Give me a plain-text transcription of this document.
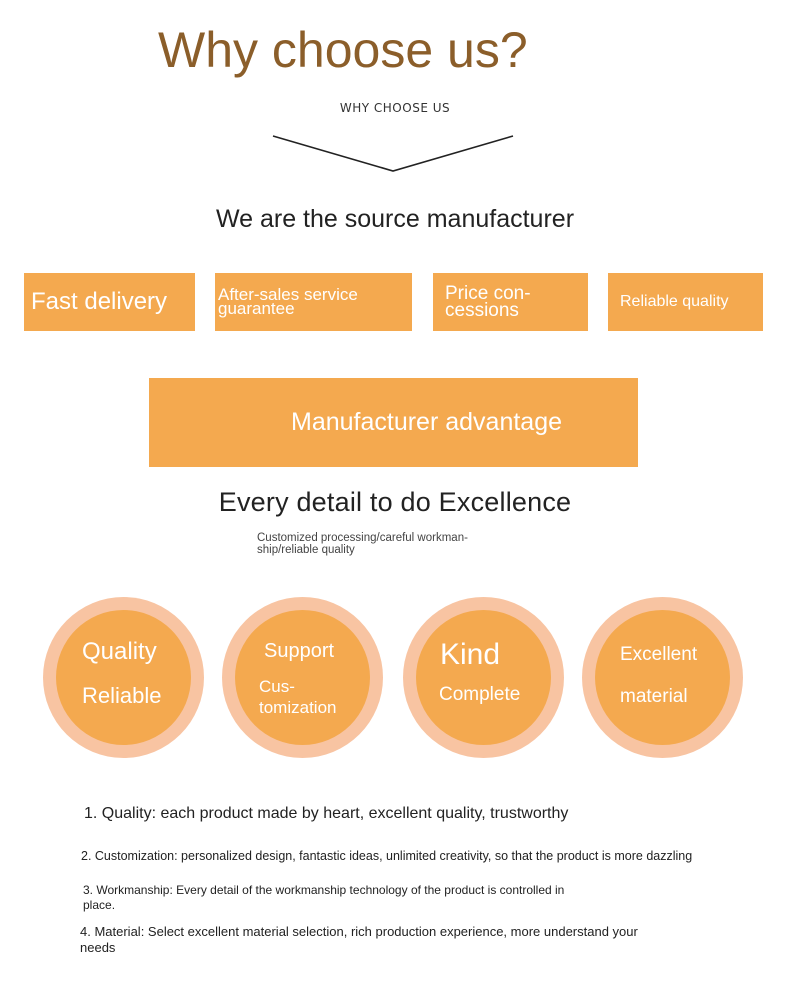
Why choose us?
WHY CHOOSE US
We are the source manufacturer
Fast delivery	After-sales service guarantee
Price con- cessions	Reliable quality
Manufacturer advantage
Every detail to do Excellence
Customized processing/careful workman- ship/reliable quality
Quality
Reliable
Support
Cus- tomization
Kind
Complete
Excellent
material
1. Quality: each product made by heart, excellent quality, trustworthy
2. Customization: personalized design, fantastic ideas, unlimited creativity, so that the product is more dazzling
3. Workmanship: Every detail of the workmanship technology of the product is controlled in place.
4. Material: Select excellent material selection, rich production experience, more understand your needs
